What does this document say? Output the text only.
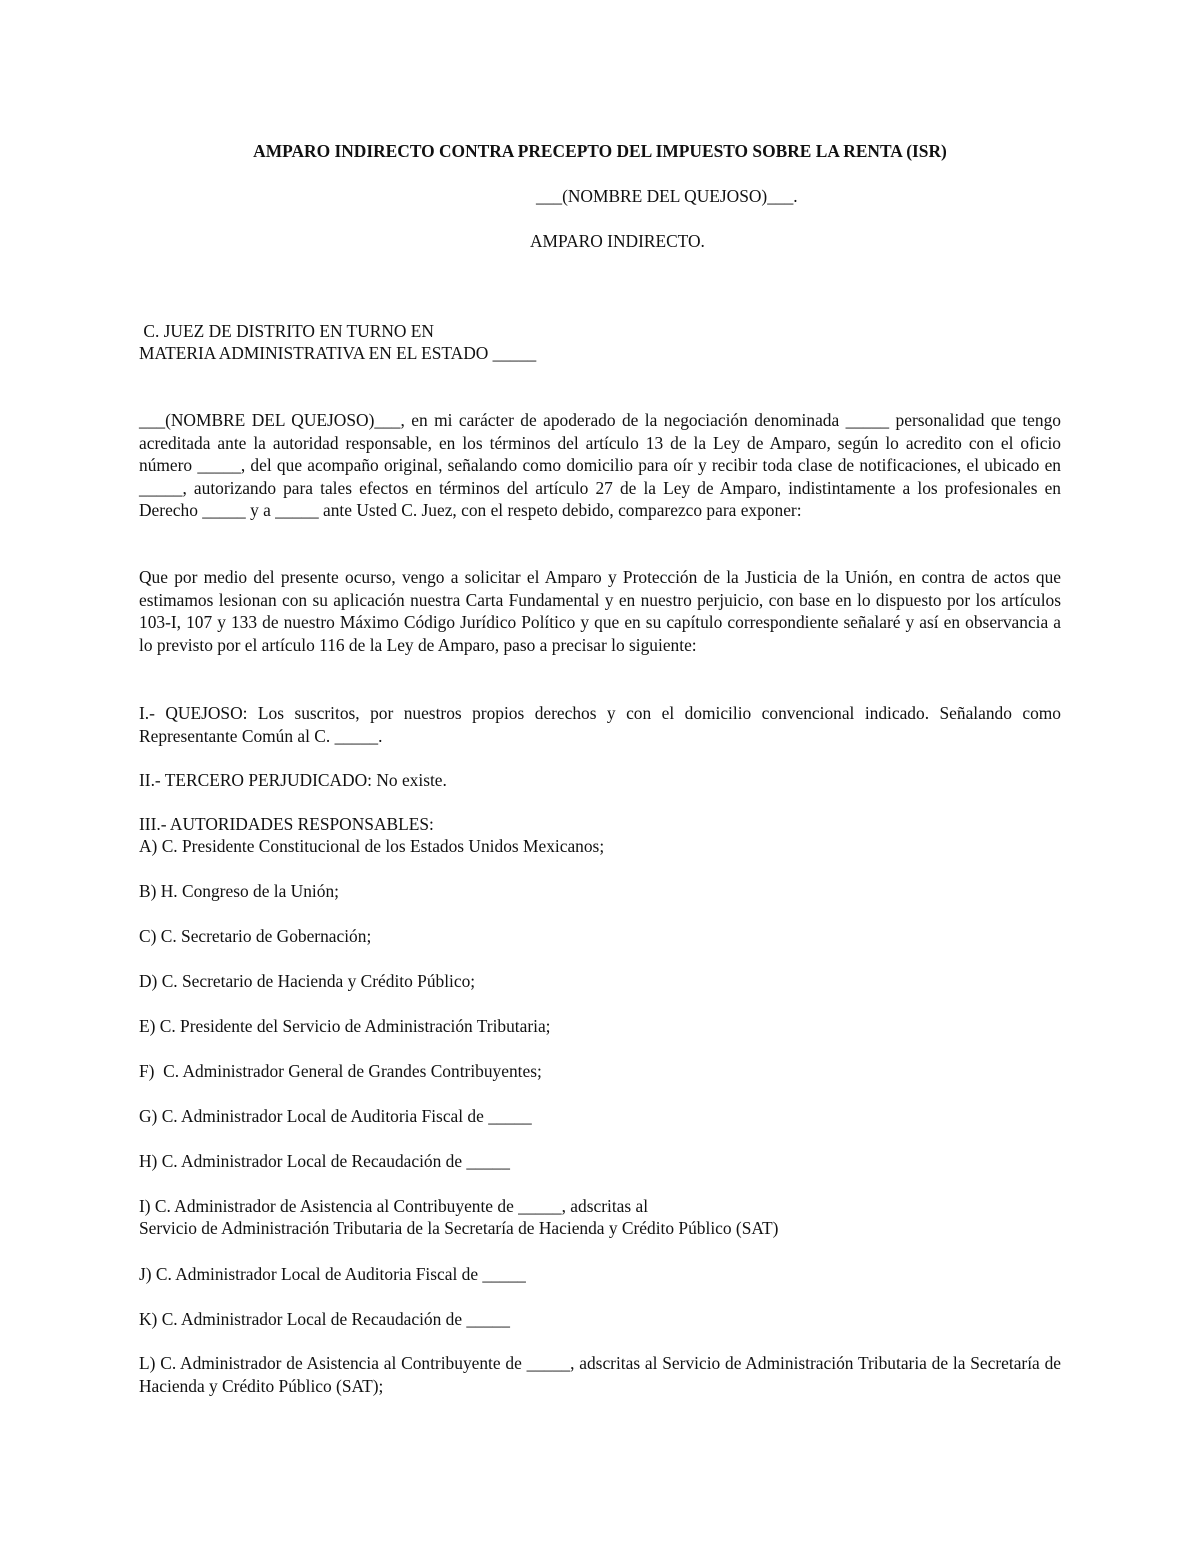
AMPARO INDIRECTO CONTRA PRECEPTO DEL IMPUESTO SOBRE LA RENTA (ISR)

___(NOMBRE DEL QUEJOSO)___.

AMPARO INDIRECTO.

C. JUEZ DE DISTRITO EN TURNO EN

MATERIA ADMINISTRATIVA EN EL ESTADO _____

___(NOMBRE DEL QUEJOSO)___, en mi carácter de apoderado de la negociación denominada _____ personalidad que tengo acreditada ante la autoridad responsable, en los términos del artículo 13 de la Ley de Amparo, según lo acredito con el oficio número _____, del que acompaño original, señalando como domicilio para oír y recibir toda clase de notificaciones, el ubicado en _____, autorizando para tales efectos en términos del artículo 27 de la Ley de Amparo, indistintamente a los profesionales en Derecho _____ y a _____ ante Usted C. Juez, con el respeto debido, comparezco para exponer:

Que por medio del presente ocurso, vengo a solicitar el Amparo y Protección de la Justicia de la Unión, en contra de actos que estimamos lesionan con su aplicación nuestra Carta Fundamental y en nuestro perjuicio, con base en lo dispuesto por los artículos 103-I, 107 y 133 de nuestro Máximo Código Jurídico Político y que en su capítulo correspondiente señalaré y así en observancia a lo previsto por el artículo 116 de la Ley de Amparo, paso a precisar lo siguiente:

I.- QUEJOSO: Los suscritos, por nuestros propios derechos y con el domicilio convencional indicado. Señalando como Representante Común al C. _____.

II.- TERCERO PERJUDICADO: No existe.

III.- AUTORIDADES RESPONSABLES:

A) C. Presidente Constitucional de los Estados Unidos Mexicanos;

B) H. Congreso de la Unión;

C) C. Secretario de Gobernación;

D) C. Secretario de Hacienda y Crédito Público;

E) C. Presidente del Servicio de Administración Tributaria;

F)  C. Administrador General de Grandes Contribuyentes;

G) C. Administrador Local de Auditoria Fiscal de _____

H) C. Administrador Local de Recaudación de _____

I) C. Administrador de Asistencia al Contribuyente de _____, adscritas al

Servicio de Administración Tributaria de la Secretaría de Hacienda y Crédito Público (SAT)

J) C. Administrador Local de Auditoria Fiscal de _____

K) C. Administrador Local de Recaudación de _____

L) C. Administrador de Asistencia al Contribuyente de _____, adscritas al Servicio de Administración Tributaria de la Secretaría de Hacienda y Crédito Público (SAT);
